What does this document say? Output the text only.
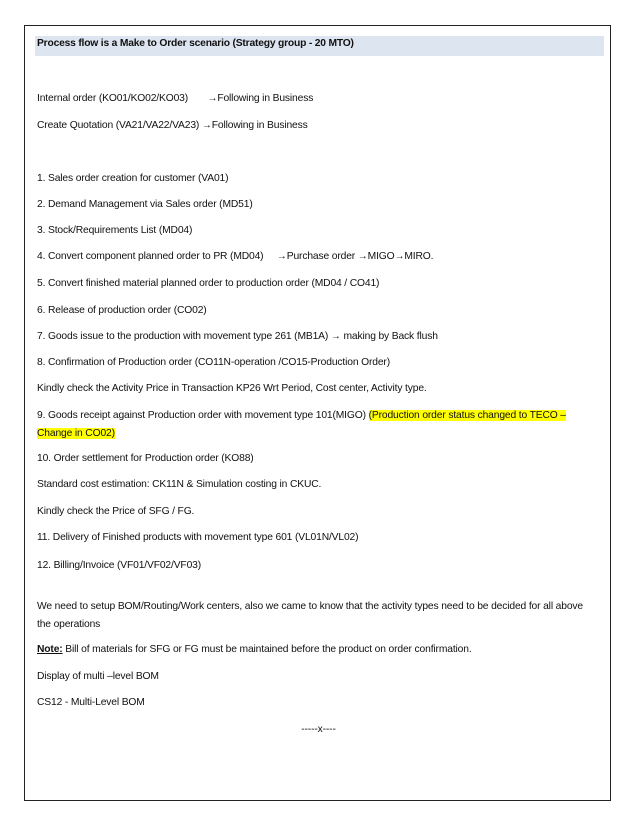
Process flow is a Make to Order scenario (Strategy group - 20 MTO)
Internal order (KO01/KO02/KO03) →Following in Business
Create Quotation (VA21/VA22/VA23) →Following in Business
1. Sales order creation for customer (VA01)
2. Demand Management via Sales order (MD51)
3. Stock/Requirements List (MD04)
4. Convert component planned order to PR (MD04) →Purchase order →MIGO→MIRO.
5. Convert finished material planned order to production order (MD04 / CO41)
6. Release of production order (CO02)
7. Goods issue to the production with movement type 261 (MB1A) → making by Back flush
8. Confirmation of Production order (CO11N-operation /CO15-Production Order)
Kindly check the Activity Price in Transaction KP26 Wrt Period, Cost center, Activity type.
9. Goods receipt against Production order with movement type 101(MIGO) (Production order status changed to TECO – Change in CO02)
10. Order settlement for Production order (KO88)
Standard cost estimation: CK11N & Simulation costing in CKUC.
Kindly check the Price of SFG / FG.
11. Delivery of Finished products with movement type 601 (VL01N/VL02)
12. Billing/Invoice (VF01/VF02/VF03)
We need to setup BOM/Routing/Work centers, also we came to know that the activity types need to be decided for all above the operations
Note: Bill of materials for SFG or FG must be maintained before the product on order confirmation.
Display of multi –level BOM
CS12 - Multi-Level BOM
-----x----
